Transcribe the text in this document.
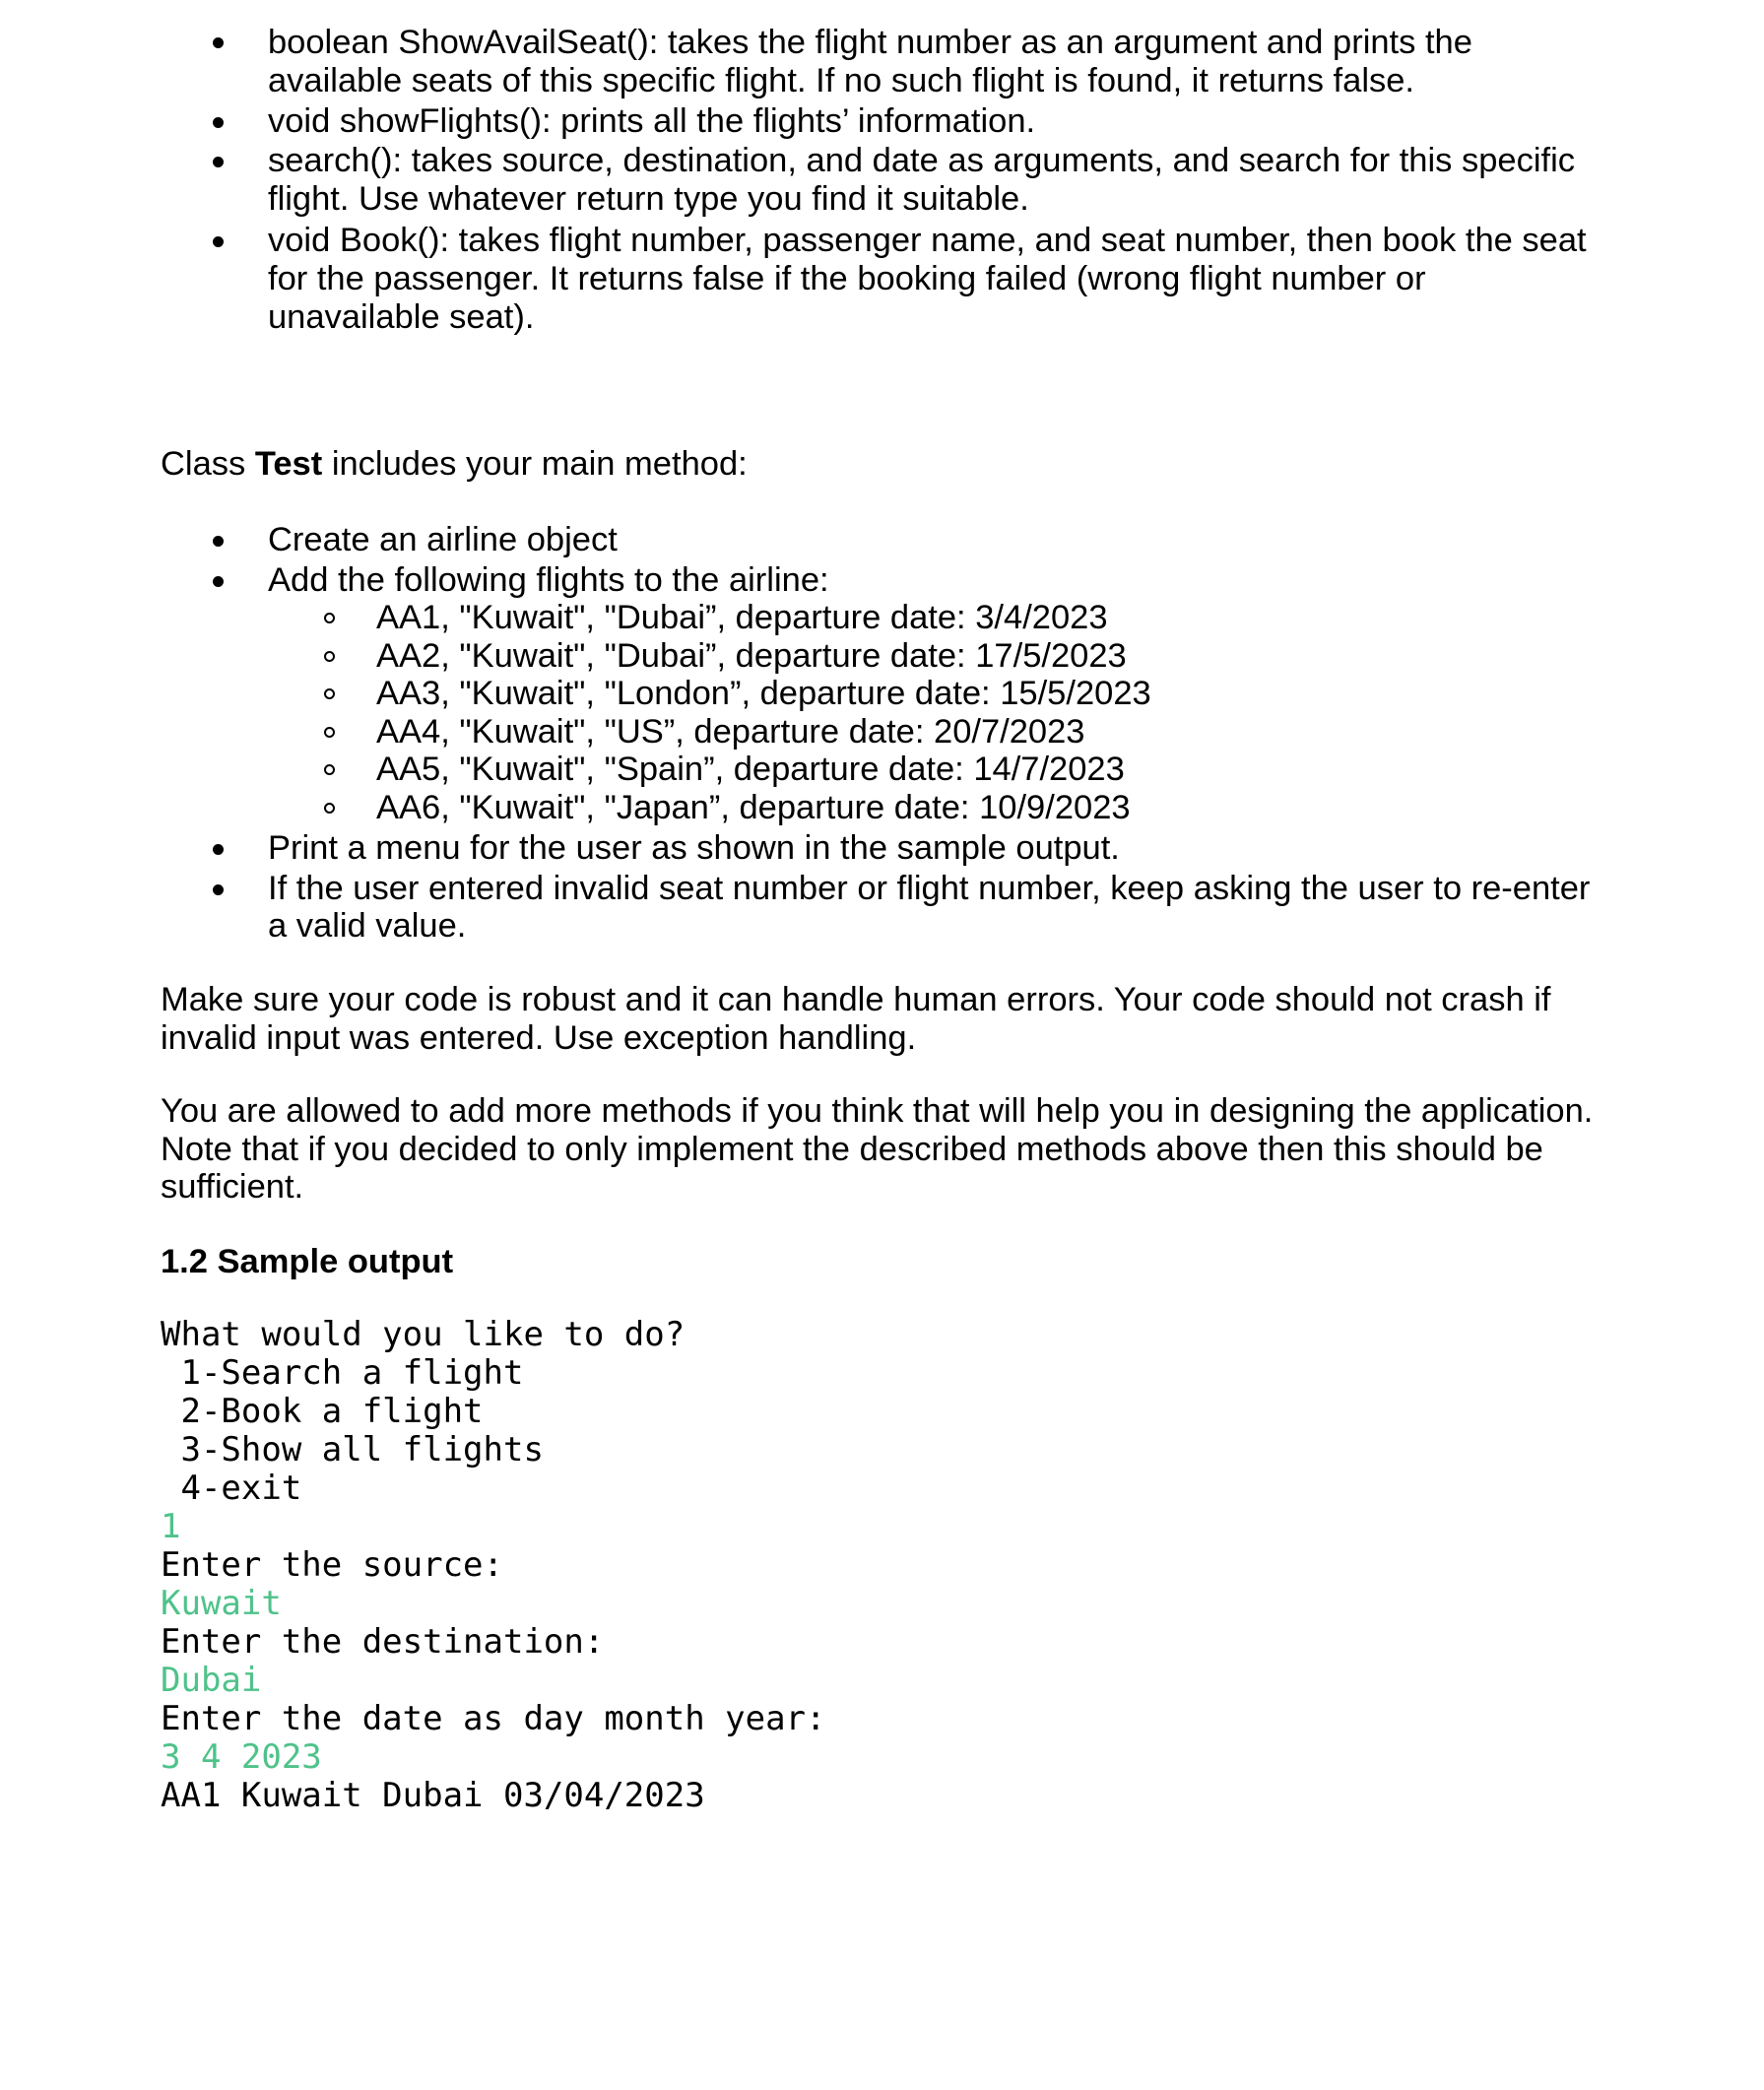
boolean ShowAvailSeat(): takes the flight number as an argument and prints the
available seats of this specific flight. If no such flight is found, it returns false.
void showFlights(): prints all the flights’ information.
search(): takes source, destination, and date as arguments, and search for this specific
flight. Use whatever return type you find it suitable.
void Book(): takes flight number, passenger name, and seat number, then book the seat
for the passenger. It returns false if the booking failed (wrong flight number or
unavailable seat).
Class Test includes your main method:
Create an airline object
Add the following flights to the airline:
AA1, "Kuwait", "Dubai”, departure date: 3/4/2023
AA2, "Kuwait", "Dubai”, departure date: 17/5/2023
AA3, "Kuwait", "London”, departure date: 15/5/2023
AA4, "Kuwait", "US”, departure date: 20/7/2023
AA5, "Kuwait", "Spain”, departure date: 14/7/2023
AA6, "Kuwait", "Japan”, departure date: 10/9/2023
Print a menu for the user as shown in the sample output.
If the user entered invalid seat number or flight number, keep asking the user to re-enter
a valid value.
Make sure your code is robust and it can handle human errors. Your code should not crash if
invalid input was entered. Use exception handling.
You are allowed to add more methods if you think that will help you in designing the application.
Note that if you decided to only implement the described methods above then this should be
sufficient.
1.2 Sample output
What would you like to do?
1-Search a flight
2-Book a flight
3-Show all flights
4-exit
1
Enter the source:
Kuwait
Enter the destination:
Dubai
Enter the date as day month year:
3 4 2023
AA1 Kuwait Dubai 03/04/2023
